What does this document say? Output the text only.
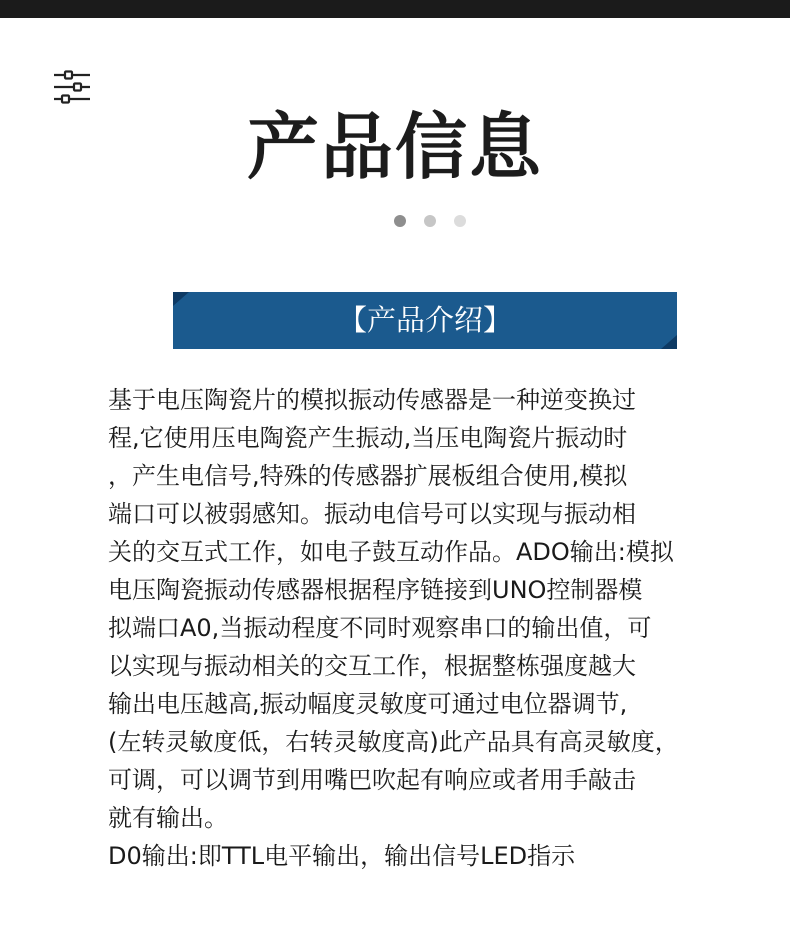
产品信息
【产品介绍】
基于电压陶瓷片的模拟振动传感器是一种逆变换过
程,它使用压电陶瓷产生振动,当压电陶瓷片振动时
，产生电信号,特殊的传感器扩展板组合使用,模拟
端口可以被弱感知。振动电信号可以实现与振动相
关的交互式工作，如电子鼓互动作品。ADO输出:模拟
电压陶瓷振动传感器根据程序链接到UNO控制器模
拟端口A0,当振动程度不同时观察串口的输出值，可
以实现与振动相关的交互工作，根据整栋强度越大
输出电压越高,振动幅度灵敏度可通过电位器调节,
(左转灵敏度低，右转灵敏度高)此产品具有高灵敏度，
可调，可以调节到用嘴巴吹起有响应或者用手敲击
就有输出。
D0输出:即TTL电平输出，输出信号LED指示
